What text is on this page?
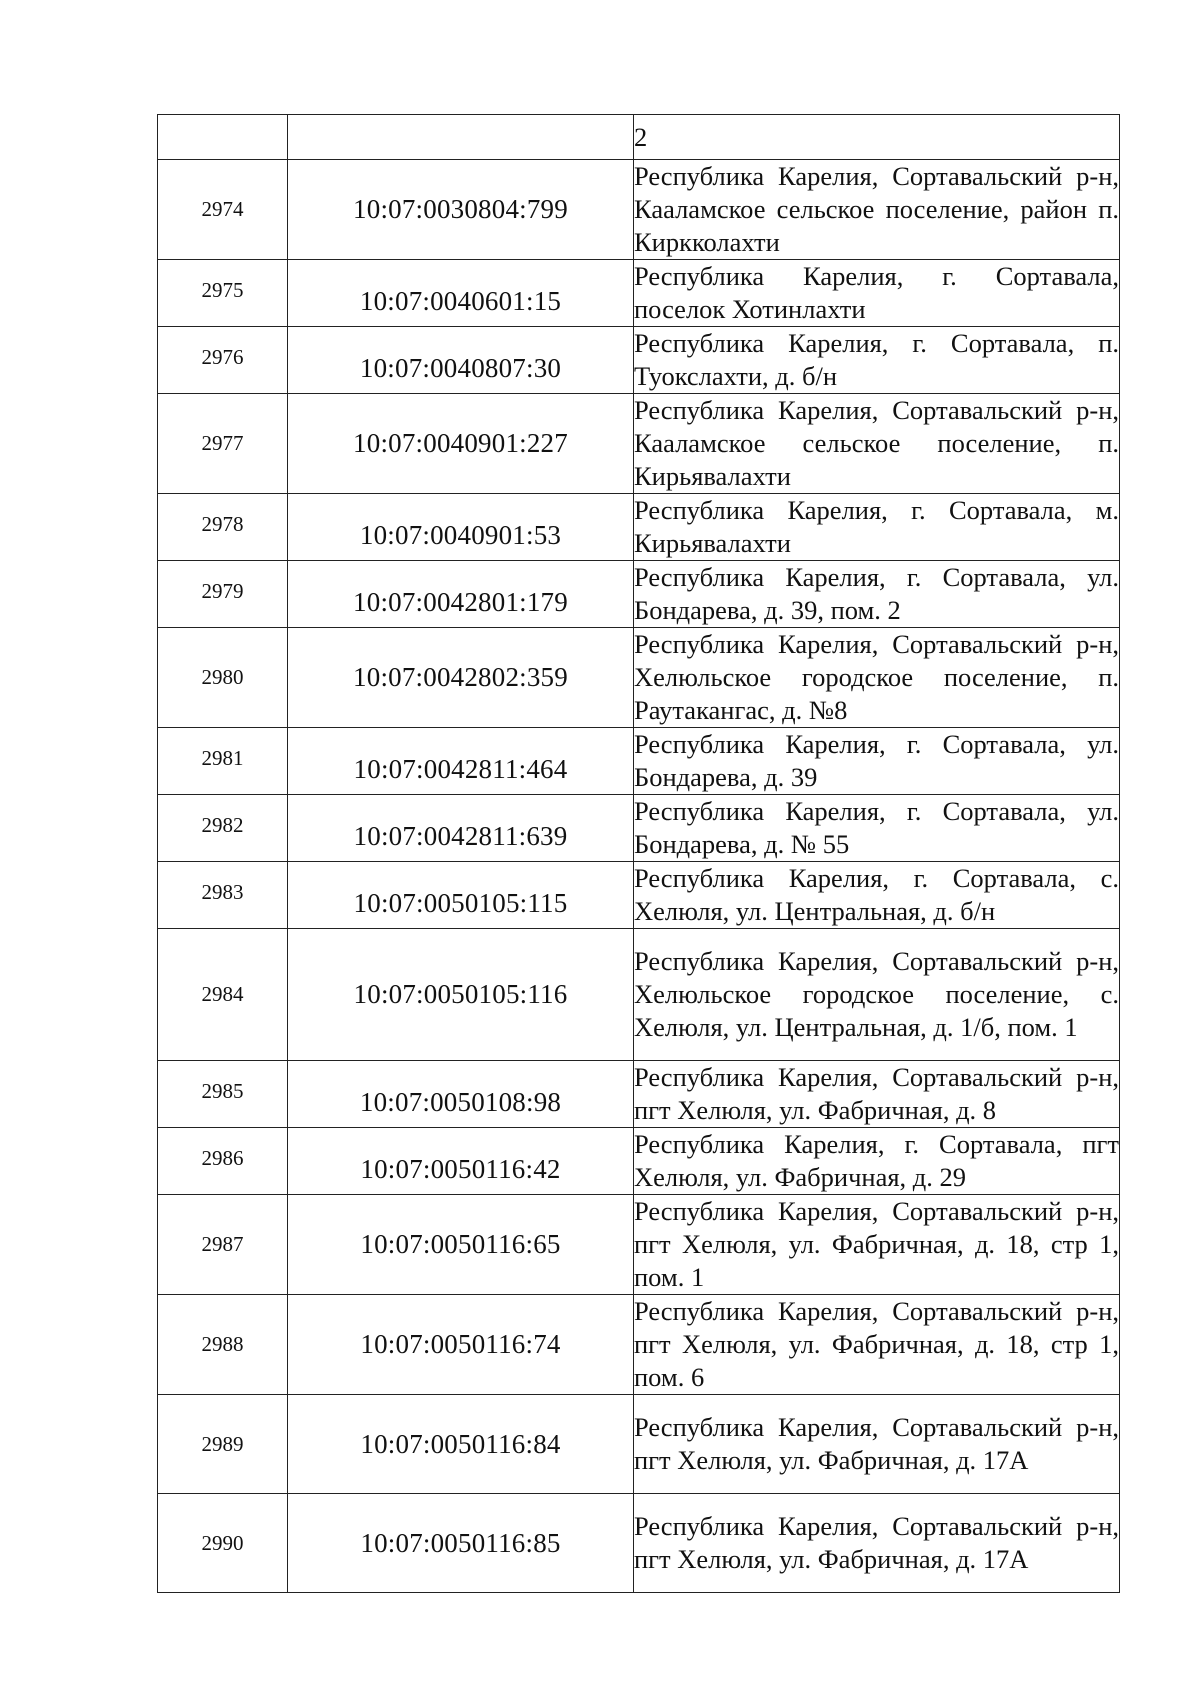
		2
2974	10:07:0030804:799	Республика Карелия, Сортавальский р-н, Кааламское сельское поселение, район п. Киркколахти
2975	10:07:0040601:15	Республика Карелия, г. Сортавала, поселок Хотинлахти
2976	10:07:0040807:30	Республика Карелия, г. Сортавала, п. Туокслахти, д. б/н
2977	10:07:0040901:227	Республика Карелия, Сортавальский р-н, Кааламское сельское поселение, п. Кирьявалахти
2978	10:07:0040901:53	Республика Карелия, г. Сортавала, м. Кирьявалахти
2979	10:07:0042801:179	Республика Карелия, г. Сортавала, ул. Бондарева, д. 39, пом. 2
2980	10:07:0042802:359	Республика Карелия, Сортавальский р-н, Хелюльское городское поселение, п. Раутакангас, д. №8
2981	10:07:0042811:464	Республика Карелия, г. Сортавала, ул. Бондарева, д. 39
2982	10:07:0042811:639	Республика Карелия, г. Сортавала, ул. Бондарева, д. № 55
2983	10:07:0050105:115	Республика Карелия, г. Сортавала, с. Хелюля, ул. Центральная, д. б/н
2984	10:07:0050105:116	Республика Карелия, Сортавальский р-н, Хелюльское городское поселение, с. Хелюля, ул. Центральная, д. 1/б, пом. 1
2985	10:07:0050108:98	Республика Карелия, Сортавальский р-н, пгт Хелюля, ул. Фабричная, д. 8
2986	10:07:0050116:42	Республика Карелия, г. Сортавала, пгт Хелюля, ул. Фабричная, д. 29
2987	10:07:0050116:65	Республика Карелия, Сортавальский р-н, пгт Хелюля, ул. Фабричная, д. 18, стр 1, пом. 1
2988	10:07:0050116:74	Республика Карелия, Сортавальский р-н, пгт Хелюля, ул. Фабричная, д. 18, стр 1, пом. 6
2989	10:07:0050116:84	Республика Карелия, Сортавальский р-н, пгт Хелюля, ул. Фабричная, д. 17А
2990	10:07:0050116:85	Республика Карелия, Сортавальский р-н, пгт Хелюля, ул. Фабричная, д. 17А
